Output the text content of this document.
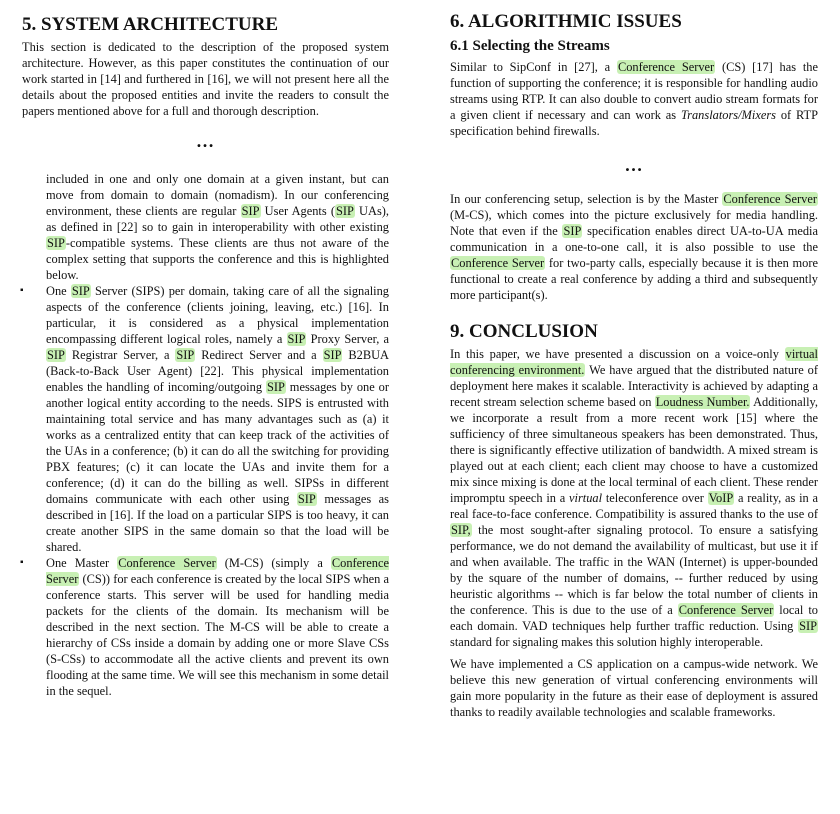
5. SYSTEM ARCHITECTURE

This section is dedicated to the description of the proposed system architecture. However, as this paper constitutes the continuation of our work started in [14] and furthered in [16], we will not present here all the details about the proposed entities and invite the readers to consult the papers mentioned above for a full and thorough description.

…

included in one and only one domain at a given instant, but can move from domain to domain (nomadism). In our conferencing environment, these clients are regular SIP User Agents (SIP UAs), as defined in [22] so to gain in interoperability with other existing SIP-compatible systems. These clients are thus not aware of the complex setting that supports the conference and this is highlighted below.

▪ One SIP Server (SIPS) per domain, taking care of all the signaling aspects of the conference (clients joining, leaving, etc.) [16]. In particular, it is considered as a physical implementation encompassing different logical roles, namely a SIP Proxy Server, a SIP Registrar Server, a SIP Redirect Server and a SIP B2BUA (Back-to-Back User Agent) [22]. This physical implementation enables the handling of incoming/outgoing SIP messages by one or another logical entity according to the needs. SIPS is entrusted with maintaining total service and has many advantages such as (a) it works as a centralized entity that can keep track of the activities of the UAs in a conference; (b) it can do all the switching for providing PBX features; (c) it can locate the UAs and invite them for a conference; (d) it can do the billing as well. SIPSs in different domains communicate with each other using SIP messages as described in [16]. If the load on a particular SIPS is too heavy, it can create another SIPS in the same domain so that the load will be shared.
▪ One Master Conference Server (M-CS) (simply a Conference Server (CS)) for each conference is created by the local SIPS when a conference starts. This server will be used for handling media packets for the clients of the domain. Its mechanism will be described in the next section. The M-CS will be able to create a hierarchy of CSs inside a domain by adding one or more Slave CSs (S-CSs) to accommodate all the active clients and prevent its own flooding at the same time. We will see this mechanism in some detail in the sequel.
6. ALGORITHMIC ISSUES
6.1 Selecting the Streams

Similar to SipConf in [27], a Conference Server (CS) [17] has the function of supporting the conference; it is responsible for handling audio streams using RTP. It can also double to convert audio stream formats for a given client if necessary and can work as Translators/Mixers of RTP specification behind firewalls.

…

In our conferencing setup, selection is by the Master Conference Server (M-CS), which comes into the picture exclusively for media handling. Note that even if the SIP specification enables direct UA-to-UA media communication in a one-to-one call, it is also possible to use the Conference Server for two-party calls, especially because it is then more functional to create a real conference by adding a third and subsequently more participant(s).

9. CONCLUSION

In this paper, we have presented a discussion on a voice-only virtual conferencing environment. We have argued that the distributed nature of deployment here makes it scalable. Interactivity is achieved by adapting a recent stream selection scheme based on Loudness Number. Additionally, we incorporate a result from a more recent work [15] where the sufficiency of three simultaneous speakers has been demonstrated. Thus, there is significantly effective utilization of bandwidth. A mixed stream is played out at each client; each client may choose to have a customized mix since mixing is done at the local terminal of each client. These render impromptu speech in a virtual teleconference over VoIP a reality, as in a real face-to-face conference. Compatibility is assured thanks to the use of SIP, the most sought-after signaling protocol. To ensure a satisfying performance, we do not demand the availability of multicast, but use it if and when available. The traffic in the WAN (Internet) is upper-bounded by the square of the number of domains, -- further reduced by using heuristic algorithms -- which is far below the total number of clients in the conference. This is due to the use of a Conference Server local to each domain. VAD techniques help further traffic reduction. Using SIP standard for signaling makes this solution highly interoperable.

We have implemented a CS application on a campus-wide network. We believe this new generation of virtual conferencing environments will gain more popularity in the future as their ease of deployment is assured thanks to readily available technologies and scalable frameworks.
